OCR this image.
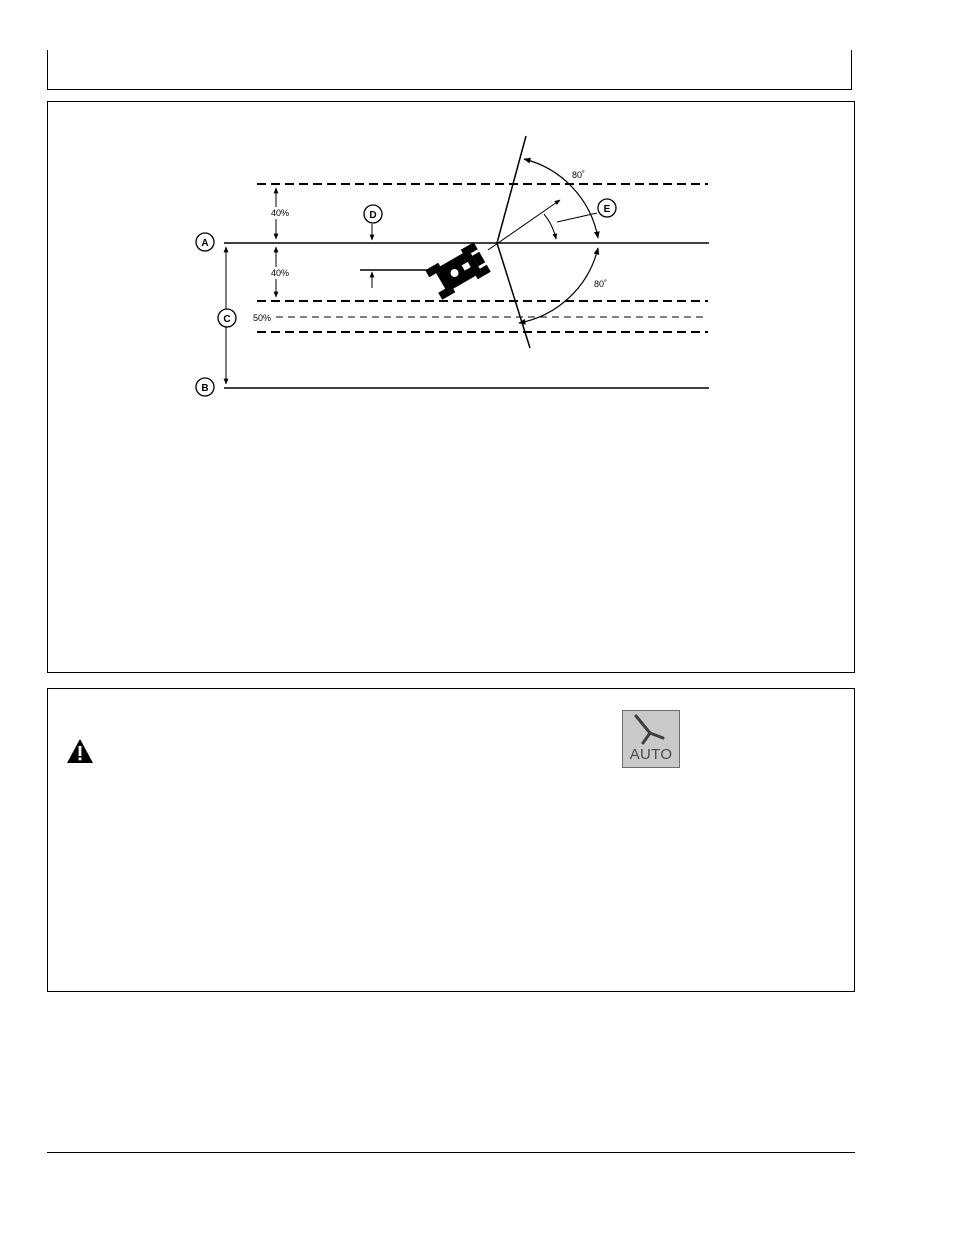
A
B
C
D
E
40%
40%
50%
80˚
80˚
AUTO
